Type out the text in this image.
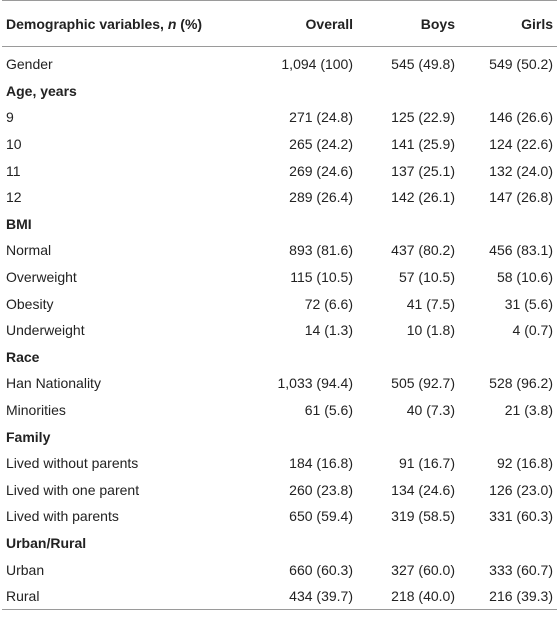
Demographic variables, n (%)	Overall	Boys	Girls
Gender	1,094 (100)	545 (49.8)	549 (50.2)
Age, years
9	271 (24.8)	125 (22.9)	146 (26.6)
10	265 (24.2)	141 (25.9)	124 (22.6)
11	269 (24.6)	137 (25.1)	132 (24.0)
12	289 (26.4)	142 (26.1)	147 (26.8)
BMI
Normal	893 (81.6)	437 (80.2)	456 (83.1)
Overweight	115 (10.5)	57 (10.5)	58 (10.6)
Obesity	72 (6.6)	41 (7.5)	31 (5.6)
Underweight	14 (1.3)	10 (1.8)	4 (0.7)
Race
Han Nationality	1,033 (94.4)	505 (92.7)	528 (96.2)
Minorities	61 (5.6)	40 (7.3)	21 (3.8)
Family
Lived without parents	184 (16.8)	91 (16.7)	92 (16.8)
Lived with one parent	260 (23.8)	134 (24.6)	126 (23.0)
Lived with parents	650 (59.4)	319 (58.5)	331 (60.3)
Urban/Rural
Urban	660 (60.3)	327 (60.0)	333 (60.7)
Rural	434 (39.7)	218 (40.0)	216 (39.3)
